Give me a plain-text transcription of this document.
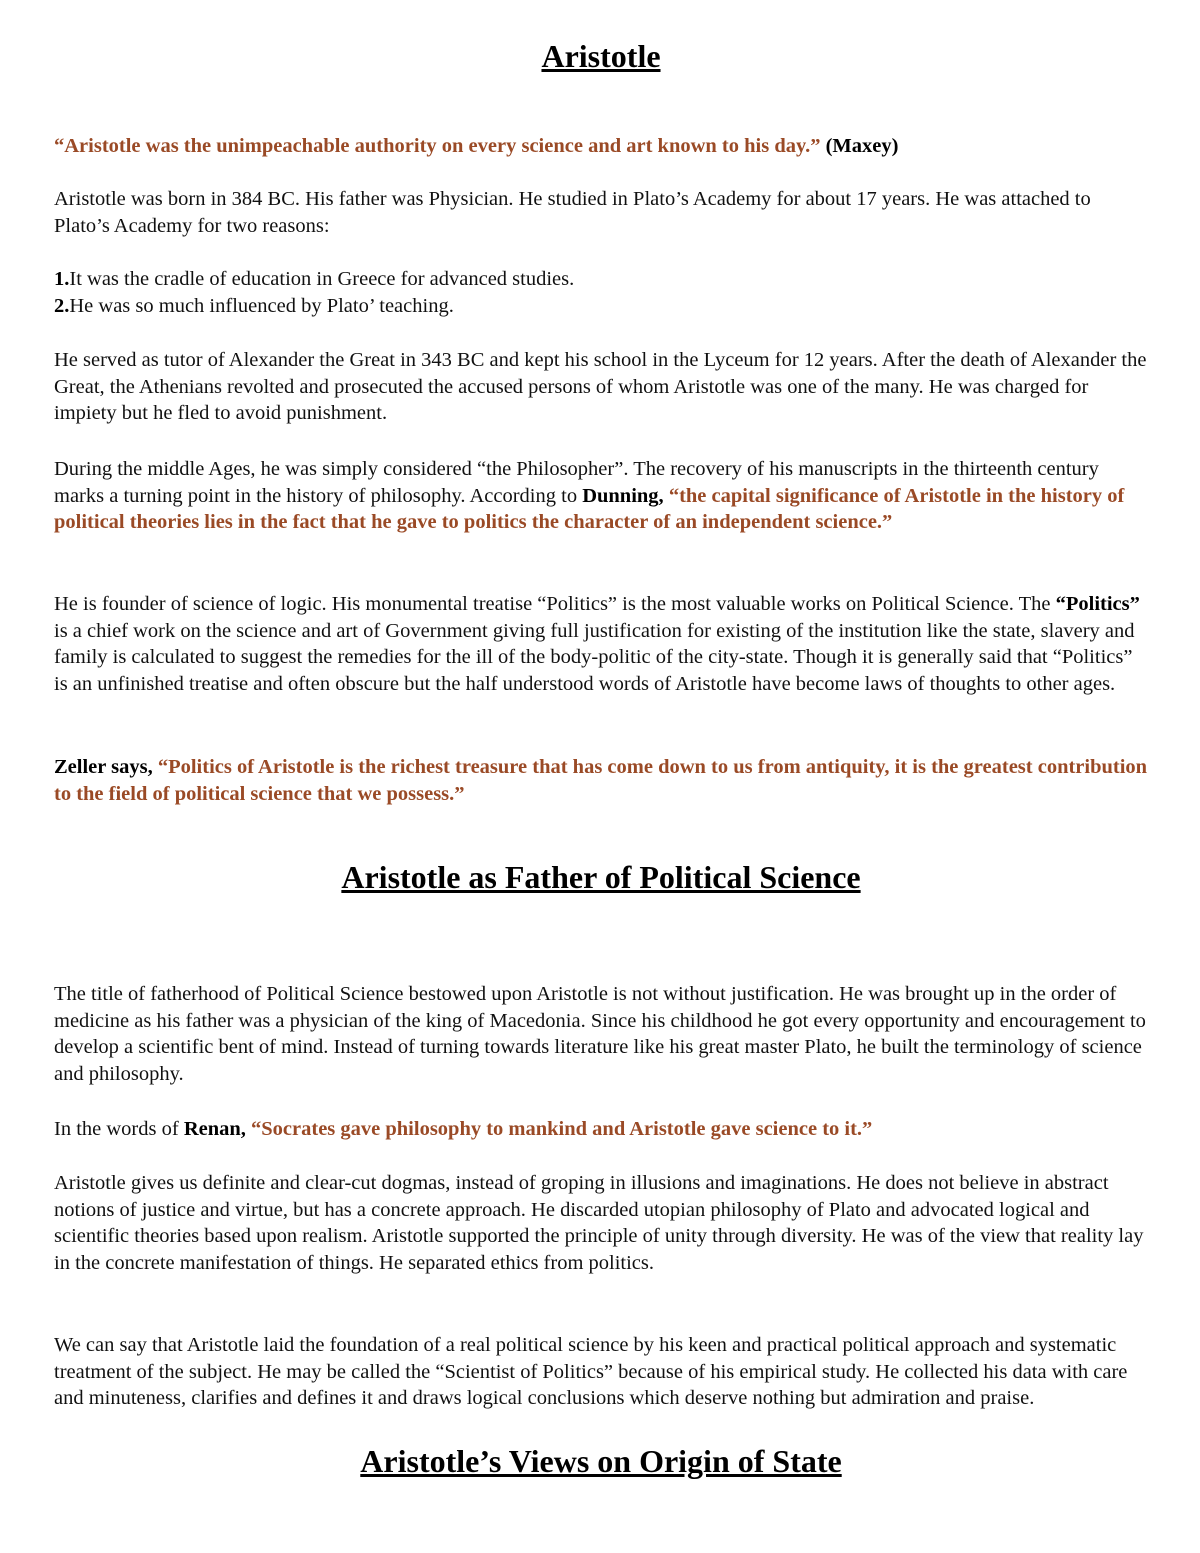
Aristotle

“Aristotle was the unimpeachable authority on every science and art known to his day.” (Maxey)

Aristotle was born in 384 BC. His father was Physician. He studied in Plato’s Academy for about 17 years. He was attached to Plato’s Academy for two reasons:

1.It was the cradle of education in Greece for advanced studies.
2.He was so much influenced by Plato’ teaching.

He served as tutor of Alexander the Great in 343 BC and kept his school in the Lyceum for 12 years. After the death of Alexander the Great, the Athenians revolted and prosecuted the accused persons of whom Aristotle was one of the many. He was charged for impiety but he fled to avoid punishment.

During the middle Ages, he was simply considered “the Philosopher”. The recovery of his manuscripts in the thirteenth century marks a turning point in the history of philosophy. According to Dunning, “the capital significance of Aristotle in the history of political theories lies in the fact that he gave to politics the character of an independent science.”

He is founder of science of logic. His monumental treatise “Politics” is the most valuable works on Political Science. The “Politics” is a chief work on the science and art of Government giving full justification for existing of the institution like the state, slavery and family is calculated to suggest the remedies for the ill of the body-politic of the city-state. Though it is generally said that “Politics” is an unfinished treatise and often obscure but the half understood words of Aristotle have become laws of thoughts to other ages.

Zeller says, “Politics of Aristotle is the richest treasure that has come down to us from antiquity, it is the greatest contribution to the field of political science that we possess.”

Aristotle as Father of Political Science

The title of fatherhood of Political Science bestowed upon Aristotle is not without justification. He was brought up in the order of medicine as his father was a physician of the king of Macedonia. Since his childhood he got every opportunity and encouragement to develop a scientific bent of mind. Instead of turning towards literature like his great master Plato, he built the terminology of science and philosophy.

In the words of Renan, “Socrates gave philosophy to mankind and Aristotle gave science to it.”

Aristotle gives us definite and clear-cut dogmas, instead of groping in illusions and imaginations. He does not believe in abstract notions of justice and virtue, but has a concrete approach. He discarded utopian philosophy of Plato and advocated logical and scientific theories based upon realism. Aristotle supported the principle of unity through diversity. He was of the view that reality lay in the concrete manifestation of things. He separated ethics from politics.

We can say that Aristotle laid the foundation of a real political science by his keen and practical political approach and systematic treatment of the subject. He may be called the “Scientist of Politics” because of his empirical study. He collected his data with care and minuteness, clarifies and defines it and draws logical conclusions which deserve nothing but admiration and praise.

Aristotle’s Views on Origin of State
